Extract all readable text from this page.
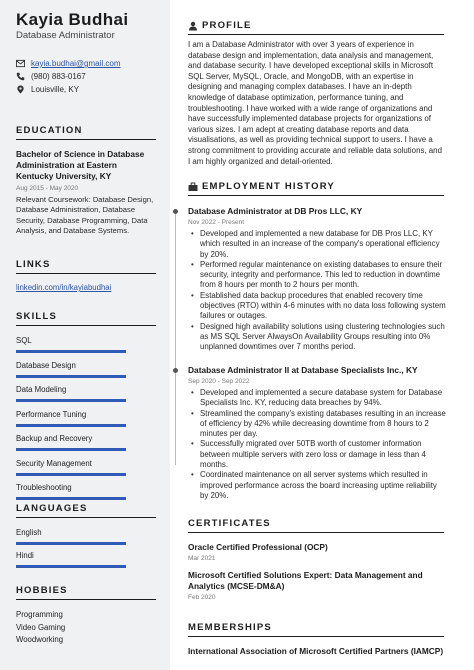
Kayia Budhai
Database Administrator
kayia.budhai@gmail.com
(980) 883-0167
Louisville, KY
EDUCATION
Bachelor of Science in Database Administration at Eastern Kentucky University, KY
Aug 2015 - May 2020
Relevant Coursework: Database Design, Database Administration, Database Security, Database Programming, Data Analysis, and Database Systems.
LINKS
linkedin.com/in/kayiabudhai
SKILLS
SQL
Database Design
Data Modeling
Performance Tuning
Backup and Recovery
Security Management
Troubleshooting
LANGUAGES
English
Hindi
HOBBIES
Programming
Video Gaming
Woodworking
PROFILE
I am a Database Administrator with over 3 years of experience in database design and implementation, data analysis and management, and database security. I have developed exceptional skills in Microsoft SQL Server, MySQL, Oracle, and MongoDB, with an expertise in designing and managing complex databases. I have an in-depth knowledge of database optimization, performance tuning, and troubleshooting. I have worked with a wide range of organizations and have successfully implemented database projects for organizations of various sizes. I am adept at creating database reports and data visualisations, as well as providing technical support to users. I have a strong commitment to providing accurate and reliable data solutions, and I am highly organized and detail-oriented.
EMPLOYMENT HISTORY
Database Administrator at DB Pros LLC, KY
Nov 2022 - Present
• Developed and implemented a new database for DB Pros LLC, KY which resulted in an increase of the company's operational efficiency by 20%.
• Performed regular maintenance on existing databases to ensure their security, integrity and performance. This led to reduction in downtime from 8 hours per month to 2 hours per month.
• Established data backup procedures that enabled recovery time objectives (RTO) within 4-6 minutes with no data loss following system failures or outages.
• Designed high availability solutions using clustering technologies such as MS SQL Server AlwaysOn Availability Groups resulting into 0% unplanned downtimes over 7 months period.
Database Administrator II at Database Specialists Inc., KY
Sep 2020 - Sep 2022
• Developed and implemented a secure database system for Database Specialists Inc. KY, reducing data breaches by 94%.
• Streamlined the company's existing databases resulting in an increase of efficiency by 42% while decreasing downtime from 8 hours to 2 minutes per day.
• Successfully migrated over 50TB worth of customer information between multiple servers with zero loss or damage in less than 4 months.
• Coordinated maintenance on all server systems which resulted in improved performance across the board increasing uptime reliability by 20%.
CERTIFICATES
Oracle Certified Professional (OCP)
Mar 2021
Microsoft Certified Solutions Expert: Data Management and Analytics (MCSE-DM&A)
Feb 2020
MEMBERSHIPS
International Association of Microsoft Certified Partners (IAMCP)
